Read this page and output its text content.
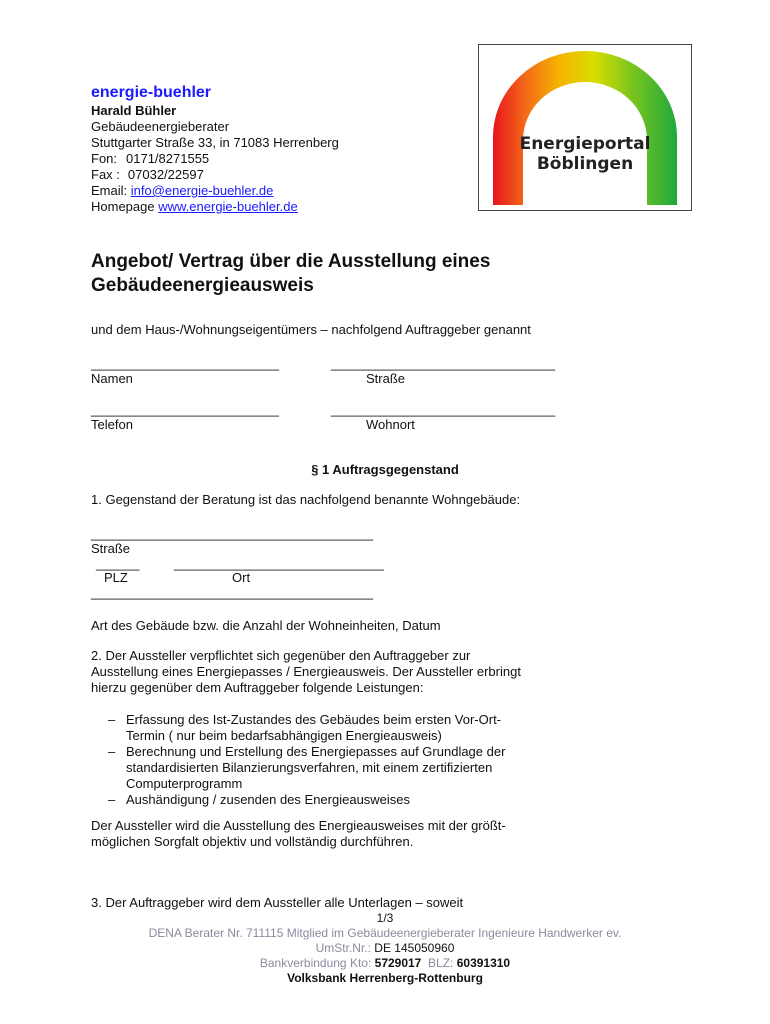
energie-buehler
Harald Bühler
Gebäudeenergieberater
Stuttgarter Straße 33, in 71083 Herrenberg
Fon: 0171/8271555
Fax : 07032/22597
Email: info@energie-buehler.de
Homepage www.energie-buehler.de
Energieportal
Böblingen
Angebot/ Vertrag über die Ausstellung eines
Gebäudeenergieausweis
und dem Haus-/Wohnungseigentümers – nachfolgend Auftraggeber genannt
__________________________	_______________________________
Namen	Straße
__________________________	_______________________________
Telefon	Wohnort
§ 1 Auftragsgegenstand
1. Gegenstand der Beratung ist das nachfolgend benannte Wohngebäude:
_______________________________________
Straße
______	_____________________________
PLZ	Ort
_______________________________________
Art des Gebäude bzw. die Anzahl der Wohneinheiten, Datum
2. Der Aussteller verpflichtet sich gegenüber den Auftraggeber zur
Ausstellung eines Energiepasses / Energieausweis. Der Aussteller erbringt
hierzu gegenüber dem Auftraggeber folgende Leistungen:
– Erfassung des Ist-Zustandes des Gebäudes beim ersten Vor-Ort-
Termin ( nur beim bedarfsabhängigen Energieausweis)
– Berechnung und Erstellung des Energiepasses auf Grundlage der
standardisierten Bilanzierungsverfahren, mit einem zertifizierten
Computerprogramm
– Aushändigung / zusenden des Energieausweises
Der Aussteller wird die Ausstellung des Energieausweises mit der größt-
möglichen Sorgfalt objektiv und vollständig durchführen.
3. Der Auftraggeber wird dem Aussteller alle Unterlagen – soweit
1/3
DENA Berater Nr. 711115 Mitglied im Gebäudeenergieberater Ingenieure Handwerker ev.
UmStr.Nr.: DE 145050960
Bankverbindung Kto: 5729017 BLZ: 60391310
Volksbank Herrenberg-Rottenburg
